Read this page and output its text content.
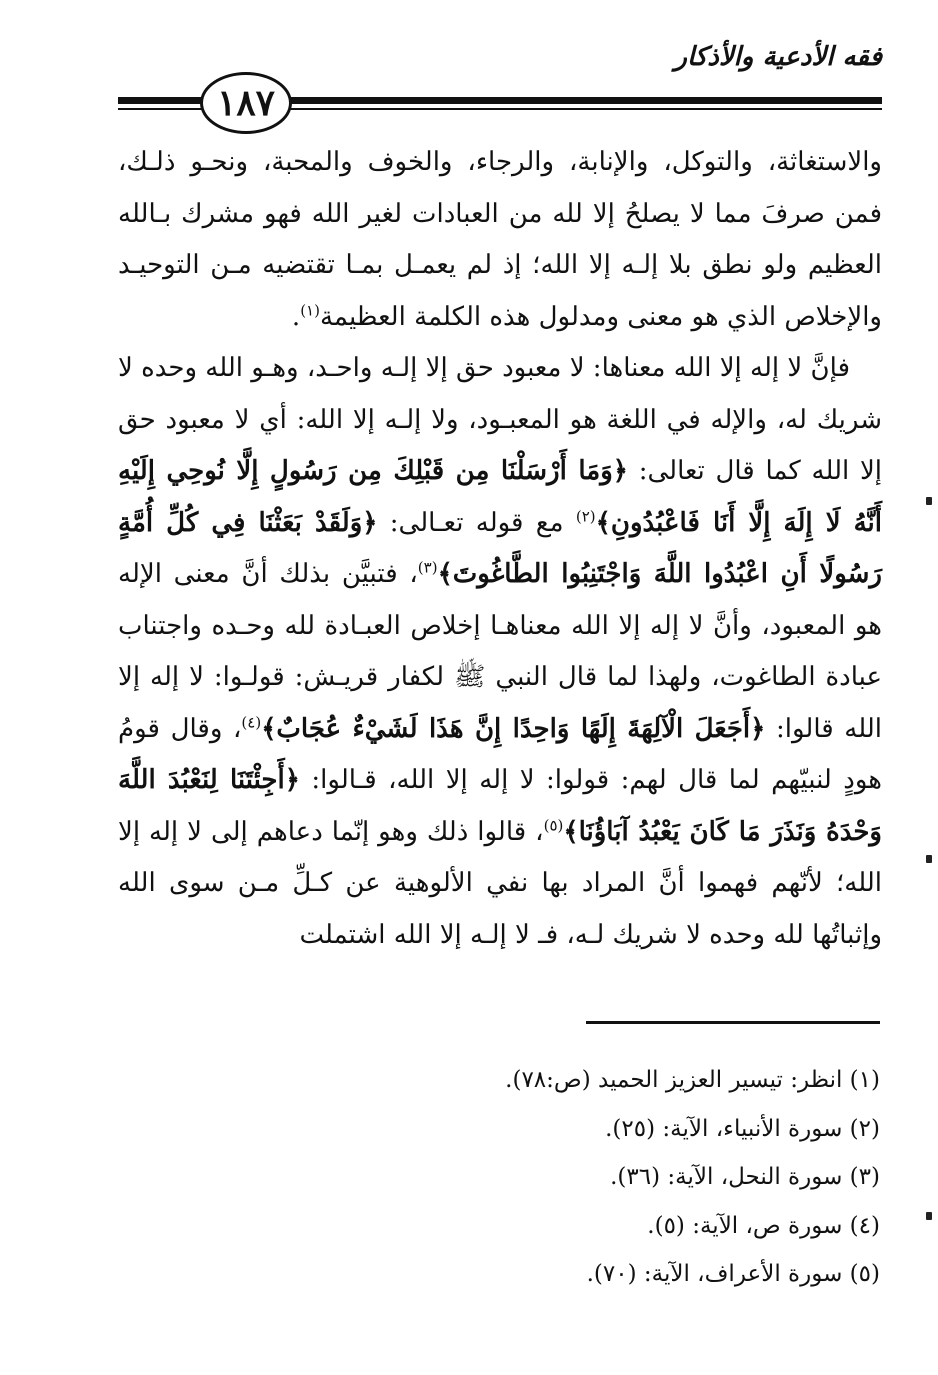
فقه الأدعية والأذكار
١٨٧

والاستغاثة، والتوكل، والإنابة، والرجاء، والخوف والمحبة، ونحـو ذلـك، فمن صرفَ مما لا يصلحُ إلا لله من العبادات لغير الله فهو مشرك بـالله العظيم ولو نطق بلا إلـه إلا الله؛ إذ لم يعمـل بمـا تقتضيه مـن التوحيـد والإخلاص الذي هو معنى ومدلول هذه الكلمة العظيمة$^{(١)}$.

فإنَّ لا إله إلا الله معناها: لا معبود حق إلا إلـه واحـد، وهـو الله وحده لا شريك له، والإله في اللغة هو المعبـود، ولا إلـه إلا الله: أي لا معبود حق إلا الله كما قال تعالى: ﴿وَمَا أَرْسَلْنَا مِن قَبْلِكَ مِن رَسُولٍ إِلَّا نُوحِي إِلَيْهِ أَنَّهُ لَا إِلَهَ إِلَّا أَنَا فَاعْبُدُونِ﴾$^{(٢)}$ مع قوله تعـالى: ﴿وَلَقَدْ بَعَثْنَا فِي كُلِّ أُمَّةٍ رَسُولًا أَنِ اعْبُدُوا اللَّهَ وَاجْتَنِبُوا الطَّاغُوتَ﴾$^{(٣)}$، فتبيَّن بذلك أنَّ معنى الإله هو المعبود، وأنَّ لا إله إلا الله معناهـا إخلاص العبـادة لله وحـده واجتناب عبادة الطاغوت، ولهذا لما قال النبي ﷺ لكفار قريـش: قولـوا: لا إله إلا الله قالوا: ﴿أَجَعَلَ الْآلِهَةَ إِلَهًا وَاحِدًا إِنَّ هَذَا لَشَيْءٌ عُجَابٌ﴾$^{(٤)}$، وقال قومُ هودٍ لنبيّهم لما قال لهم: قولوا: لا إله إلا الله، قـالوا: ﴿أَجِئْتَنَا لِنَعْبُدَ اللَّهَ وَحْدَهُ وَنَذَرَ مَا كَانَ يَعْبُدُ آبَاؤُنَا﴾$^{(٥)}$، قالوا ذلك وهو إنّما دعاهم إلى لا إله إلا الله؛ لأنّهم فهموا أنَّ المراد بها نفي الألوهية عن كـلِّ مـن سوى الله وإثباتُها لله وحده لا شريك لـه، فـ لا إلـه إلا الله اشتملت

(١) انظر: تيسير العزيز الحميد (ص:٧٨).

(٢) سورة الأنبياء، الآية: (٢٥).

(٣) سورة النحل، الآية: (٣٦).

(٤) سورة ص، الآية: (٥).

(٥) سورة الأعراف، الآية: (٧٠).
